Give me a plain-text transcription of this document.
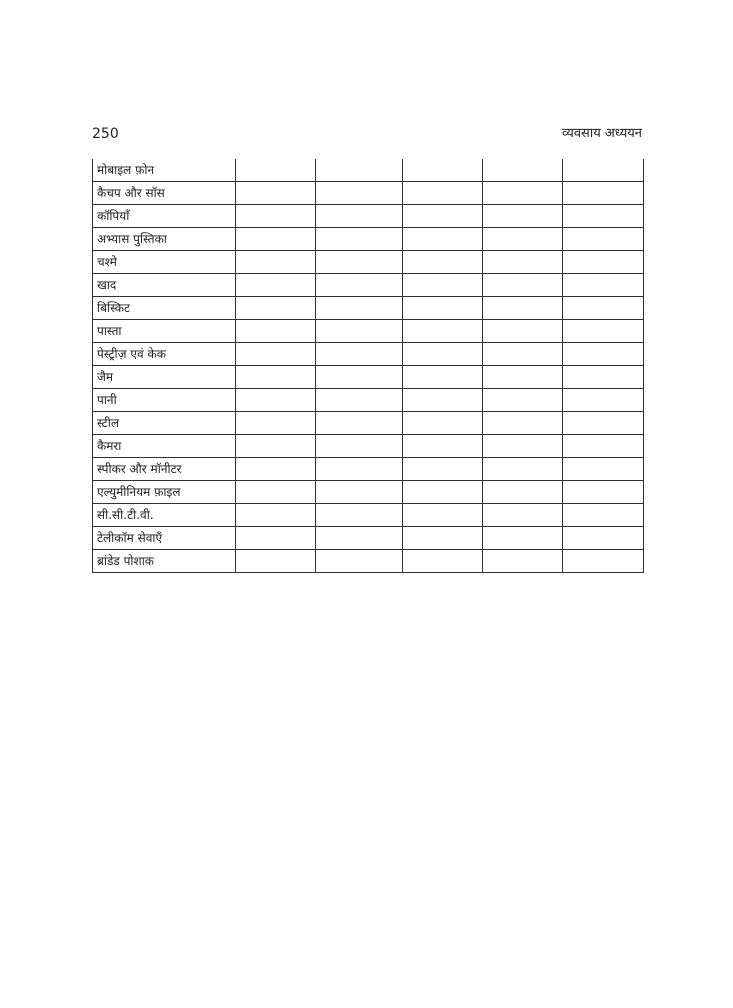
250	व्यवसाय अध्ययन
मोबाइल फ़ोन					
कैचप और सॉस					
कॉपियाँ					
अभ्यास पुस्तिका					
चश्मे					
खाद					
बिस्किट					
पास्ता					
पेस्ट्रीज़ एवं केक					
जैम					
पानी					
स्टील					
कैमरा					
स्पीकर और मॉनीटर					
एल्युमीनियम फ़ाइल					
सी.सी.टी.वी.					
टेलीकॉम सेवाएँ					
ब्रांडेड पोशाक					
